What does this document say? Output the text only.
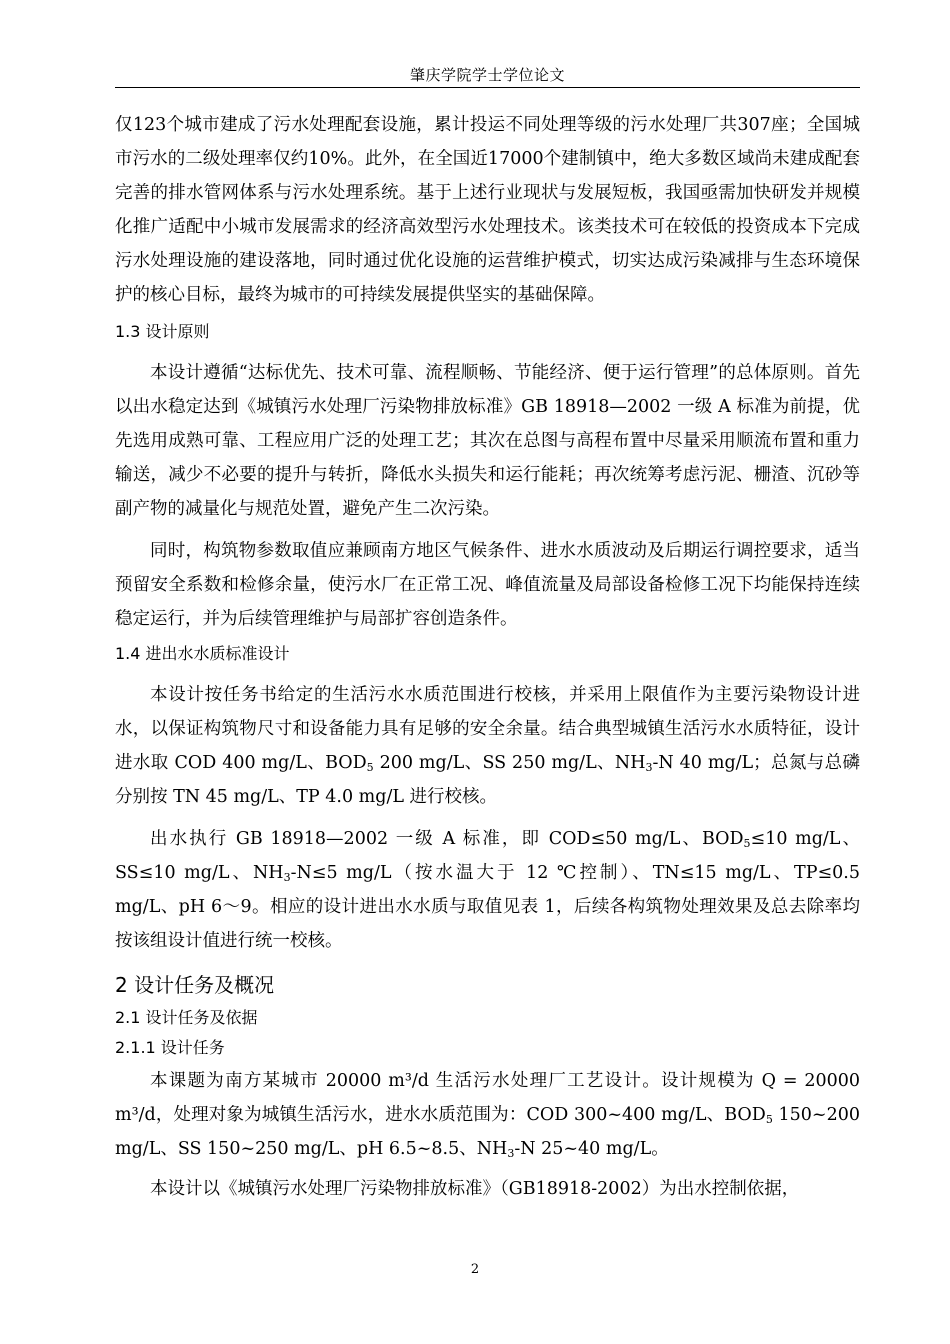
肇庆学院学士学位论文

仅123个城市建成了污水处理配套设施，累计投运不同处理等级的污水处理厂共307座；全国城市污水的二级处理率仅约10%。此外，在全国近17000个建制镇中，绝大多数区域尚未建成配套完善的排水管网体系与污水处理系统。基于上述行业现状与发展短板，我国亟需加快研发并规模化推广适配中小城市发展需求的经济高效型污水处理技术。该类技术可在较低的投资成本下完成污水处理设施的建设落地，同时通过优化设施的运营维护模式，切实达成污染减排与生态环境保护的核心目标，最终为城市的可持续发展提供坚实的基础保障。

1.3 设计原则

本设计遵循“达标优先、技术可靠、流程顺畅、节能经济、便于运行管理”的总体原则。首先以出水稳定达到《城镇污水处理厂污染物排放标准》GB 18918—2002 一级 A 标准为前提，优先选用成熟可靠、工程应用广泛的处理工艺；其次在总图与高程布置中尽量采用顺流布置和重力输送，减少不必要的提升与转折，降低水头损失和运行能耗；再次统筹考虑污泥、栅渣、沉砂等副产物的减量化与规范处置，避免产生二次污染。

同时，构筑物参数取值应兼顾南方地区气候条件、进水水质波动及后期运行调控要求，适当预留安全系数和检修余量，使污水厂在正常工况、峰值流量及局部设备检修工况下均能保持连续稳定运行，并为后续管理维护与局部扩容创造条件。

1.4 进出水水质标准设计

本设计按任务书给定的生活污水水质范围进行校核，并采用上限值作为主要污染物设计进水，以保证构筑物尺寸和设备能力具有足够的安全余量。结合典型城镇生活污水水质特征，设计进水取 COD 400 mg/L、$BOD_5$ 200 mg/L、SS 250 mg/L、$NH_3-N$ 40 mg/L；总氮与总磷分别按 TN 45 mg/L、TP 4.0 mg/L 进行校核。

出水执行 GB 18918—2002 一级 A 标准，即 COD≤50 mg/L、$BOD_5\le 10$ mg/L、SS≤10 mg/L、$NH_3-N\le 5$ mg/L（按水温大于 12 ℃控制）、TN≤15 mg/L、TP≤0.5 mg/L、pH 6～9。相应的设计进出水水质与取值见表 1，后续各构筑物处理效果及总去除率均按该组设计值进行统一校核。

2 设计任务及概况
2.1 设计任务及依据
2.1.1 设计任务

本课题为南方某城市 20000 m³/d 生活污水处理厂工艺设计。设计规模为 Q = 20000 m³/d，处理对象为城镇生活污水，进水水质范围为：COD 300~400 mg/L、$BOD_5$ 150~200 mg/L、SS 150~250 mg/L、pH 6.5~8.5、$NH_3-N$ 25~40 mg/L。

本设计以《城镇污水处理厂污染物排放标准》（GB18918-2002）为出水控制依据，

2
